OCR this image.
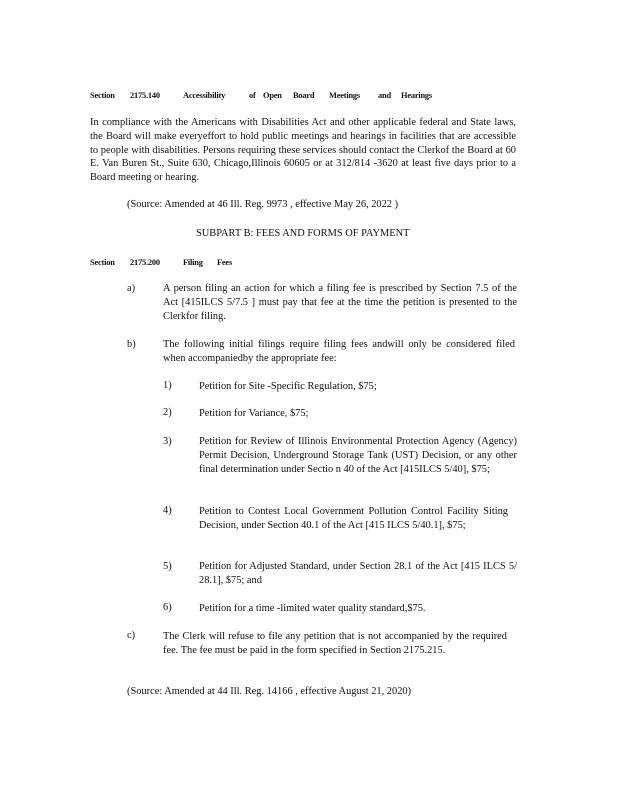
Section 2175.140	Accessibility	of Open Board Meetings and Hearings
In compliance with the Americans with Disabilities Act and other applicable federal and State laws, the Board will make everyeffort to hold public meetings and hearings in facilities that are accessible to people with disabilities. Persons requiring these services should contact the Clerkof the Board at 60 E. Van Buren St., Suite 630, Chicago,Illinois 60605 or at 312/814 -3620 at least five days prior to a Board meeting or hearing.
(Source: Amended at 46 Ill. Reg. 9973 , effective May 26, 2022 )
SUBPART B: FEES AND FORMS OF PAYMENT
Section 2175.200	Filing Fees
a)	A person filing an action for which a filing fee is prescribed by Section 7.5 of the Act [415ILCS 5/7.5 ] must pay that fee at the time the petition is presented to the Clerkfor filing.
b)	The following initial filings require filing fees andwill only be considered filed when accompaniedby the appropriate fee:
1)	Petition for Site -Specific Regulation, $75;
2)	Petition for Variance, $75;
3)	Petition for Review of Illinois Environmental Protection Agency (Agency) Permit Decision, Underground Storage Tank (UST) Decision, or any other final determination under Sectio n 40 of the Act [415ILCS 5/40], $75;
4)	Petition to Contest Local Government Pollution Control Facility Siting Decision, under Section 40.1 of the Act [415 ILCS 5/40.1], $75;
5)	Petition for Adjusted Standard, under Section 28.1 of the Act [415 ILCS 5/ 28.1], $75; and
6)	Petition for a time -limited water quality standard,$75.
c)	The Clerk will refuse to file any petition that is not accompanied by the required fee. The fee must be paid in the form specified in Section 2175.215.
(Source: Amended at 44 Ill. Reg. 14166 , effective August 21, 2020)
